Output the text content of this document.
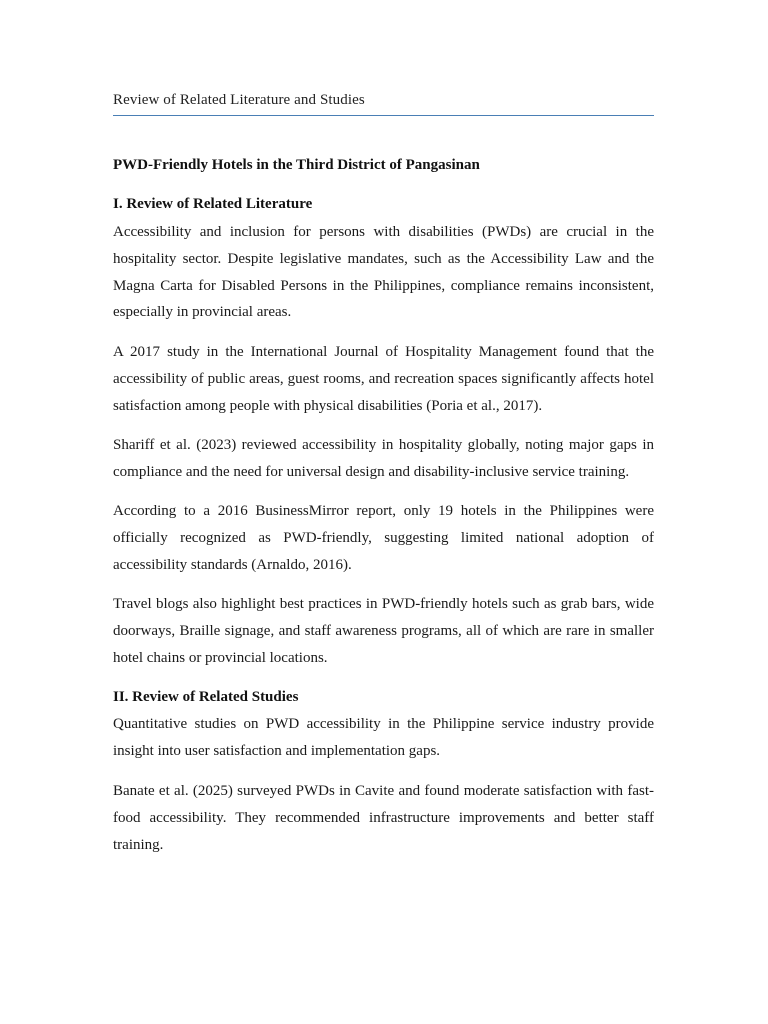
Review of Related Literature and Studies
PWD-Friendly Hotels in the Third District of Pangasinan
I. Review of Related Literature

Accessibility and inclusion for persons with disabilities (PWDs) are crucial in the hospitality sector. Despite legislative mandates, such as the Accessibility Law and the Magna Carta for Disabled Persons in the Philippines, compliance remains inconsistent, especially in provincial areas.

A 2017 study in the International Journal of Hospitality Management found that the accessibility of public areas, guest rooms, and recreation spaces significantly affects hotel satisfaction among people with physical disabilities (Poria et al., 2017).

Shariff et al. (2023) reviewed accessibility in hospitality globally, noting major gaps in compliance and the need for universal design and disability-inclusive service training.

According to a 2016 BusinessMirror report, only 19 hotels in the Philippines were officially recognized as PWD-friendly, suggesting limited national adoption of accessibility standards (Arnaldo, 2016).

Travel blogs also highlight best practices in PWD-friendly hotels such as grab bars, wide doorways, Braille signage, and staff awareness programs, all of which are rare in smaller hotel chains or provincial locations.

II. Review of Related Studies

Quantitative studies on PWD accessibility in the Philippine service industry provide insight into user satisfaction and implementation gaps.

Banate et al. (2025) surveyed PWDs in Cavite and found moderate satisfaction with fast-food accessibility. They recommended infrastructure improvements and better staff training.
